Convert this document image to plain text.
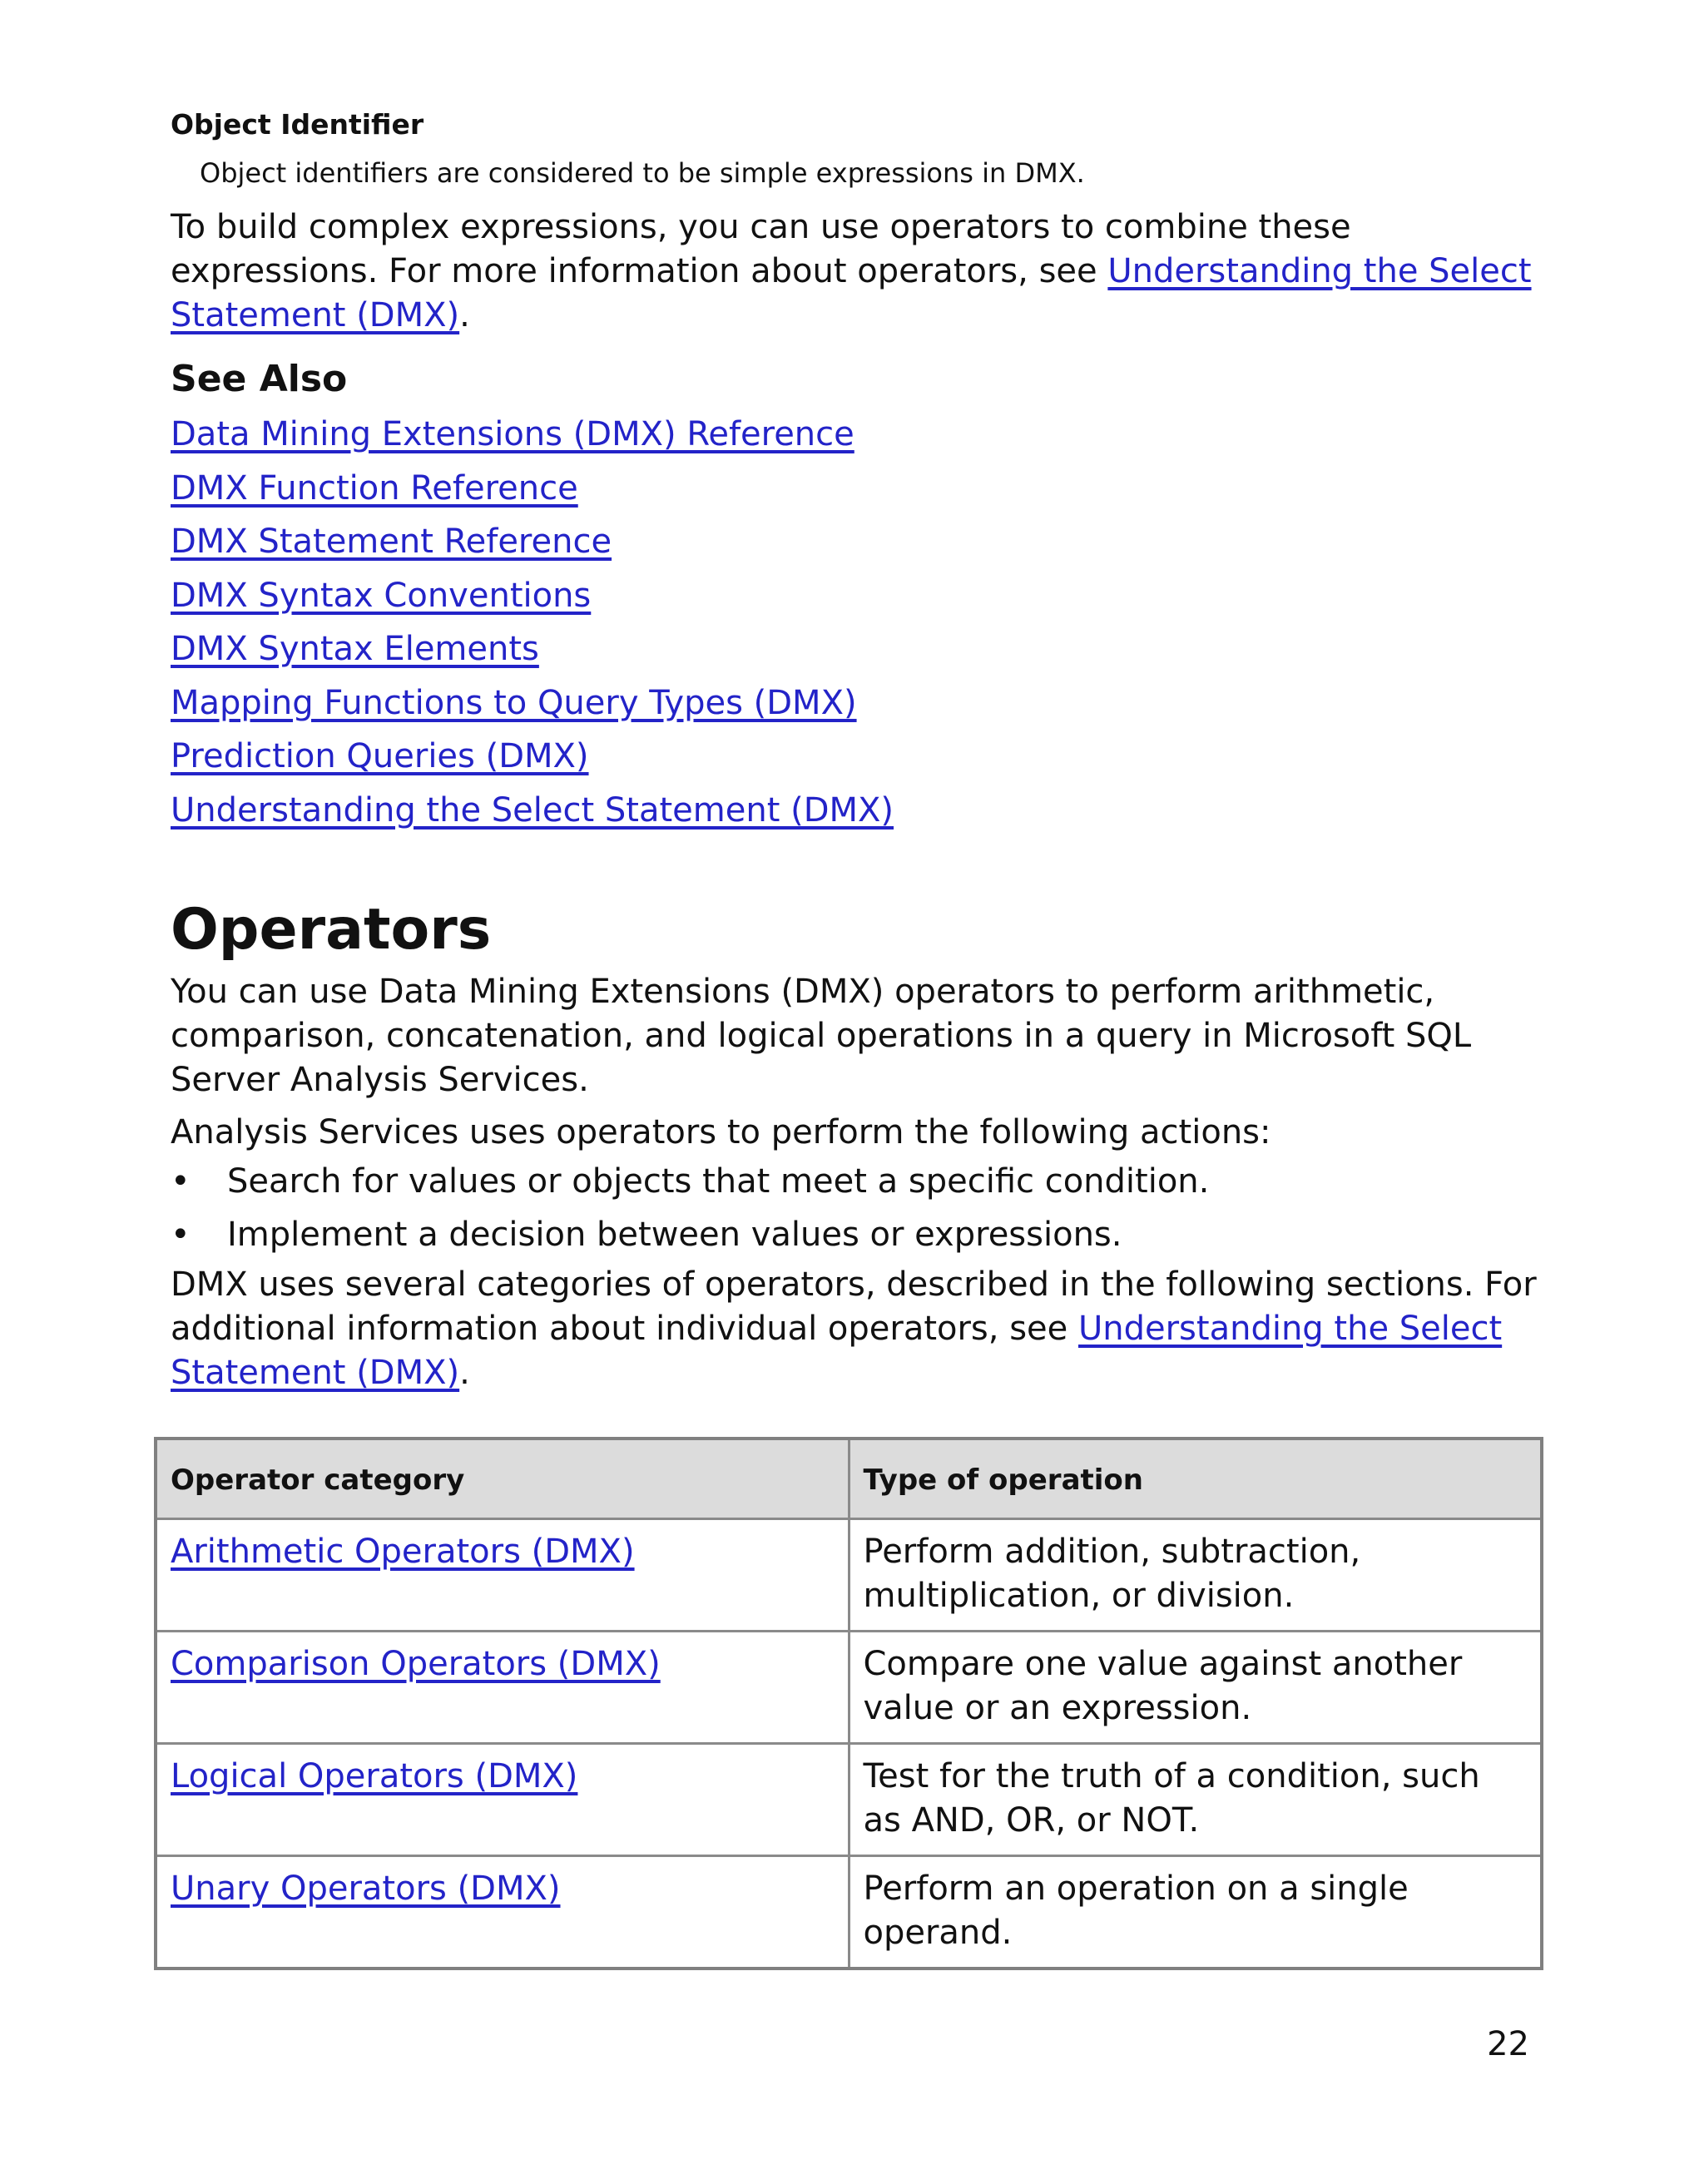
Object Identifier

Object identifiers are considered to be simple expressions in DMX.

To build complex expressions, you can use operators to combine these expressions. For more information about operators, see Understanding the Select Statement (DMX).

See Also

Data Mining Extensions (DMX) Reference
DMX Function Reference
DMX Statement Reference
DMX Syntax Conventions
DMX Syntax Elements
Mapping Functions to Query Types (DMX)
Prediction Queries (DMX)
Understanding the Select Statement (DMX)
Operators

You can use Data Mining Extensions (DMX) operators to perform arithmetic, comparison, concatenation, and logical operations in a query in Microsoft SQL Server Analysis Services.

Analysis Services uses operators to perform the following actions:

• Search for values or objects that meet a specific condition.
• Implement a decision between values or expressions.

DMX uses several categories of operators, described in the following sections. For additional information about individual operators, see Understanding the Select Statement (DMX).

Operator category	Type of operation
Arithmetic Operators (DMX)	Perform addition, subtraction, multiplication, or division.
Comparison Operators (DMX)	Compare one value against another value or an expression.
Logical Operators (DMX)	Test for the truth of a condition, such as AND, OR, or NOT.
Unary Operators (DMX)	Perform an operation on a single operand.
22
